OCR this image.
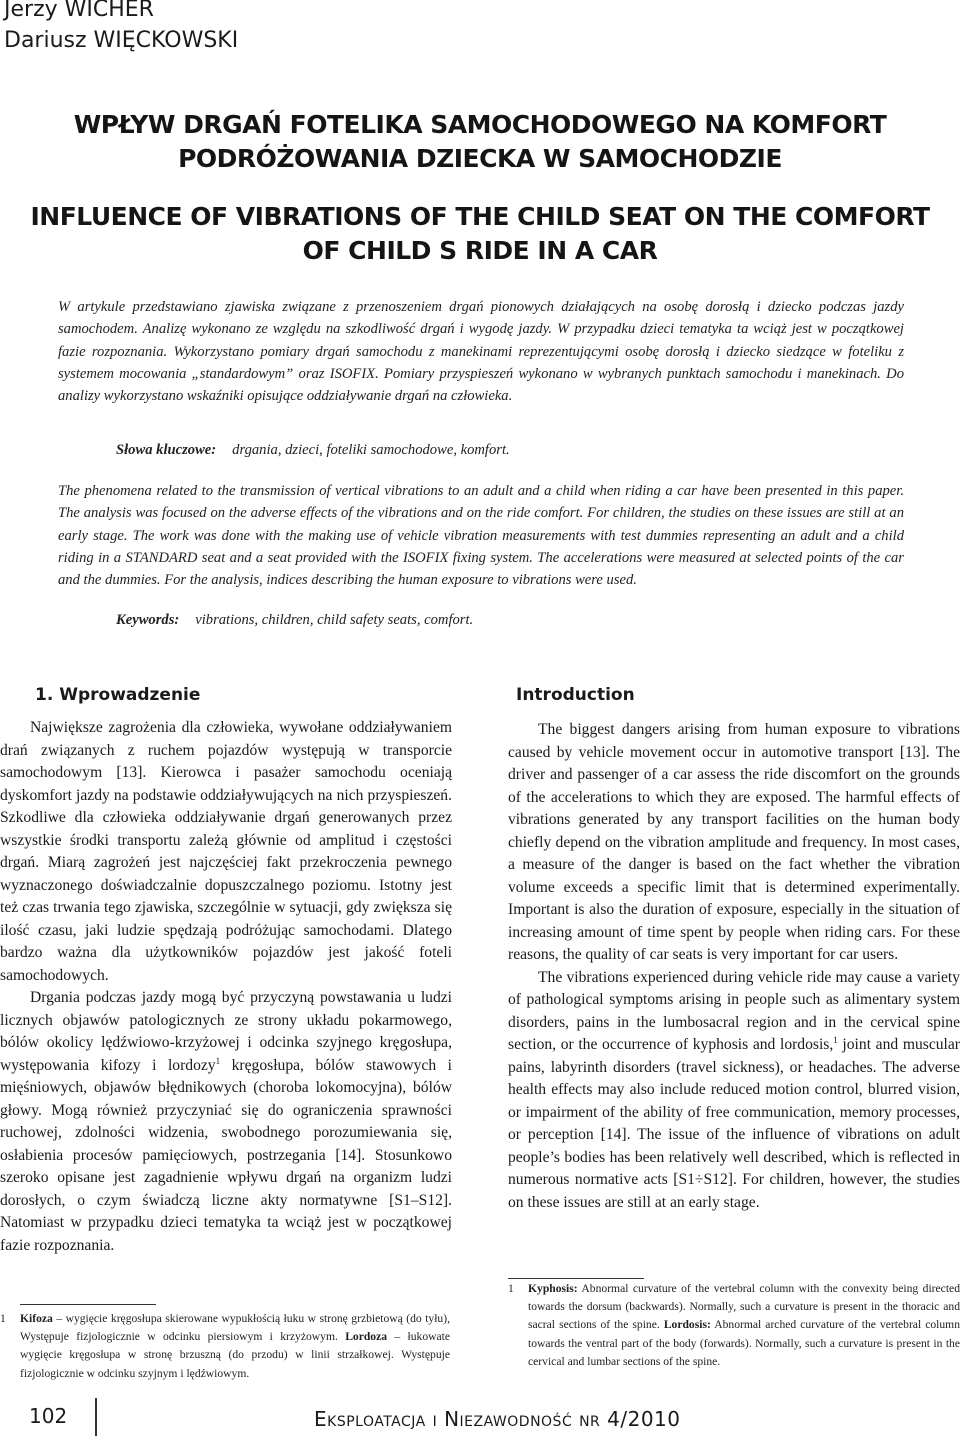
Jerzy WICHER
Dariusz WIĘCKOWSKI
WPŁYW DRGAŃ FOTELIKA SAMOCHODOWEGO NA KOMFORT
PODRÓŻOWANIA DZIECKA W SAMOCHODZIE
INFLUENCE OF VIBRATIONS OF THE CHILD SEAT ON THE COMFORT
OF CHILD S RIDE IN A CAR
W artykule przedstawiano zjawiska związane z przenoszeniem drgań pionowych działających na osobę dorosłą i dziecko podczas jazdy samochodem. Analizę wykonano ze względu na szkodliwość drgań i wygodę jazdy. W przypadku dzieci tematyka ta wciąż jest w początkowej fazie rozpoznania. Wykorzystano pomiary drgań samochodu z manekinami reprezentującymi osobę dorosłą i dziecko siedzące w foteliku z systemem mocowania „standardowym” oraz ISOFIX. Pomiary przyspieszeń wykonano w wybranych punktach samochodu i manekinach. Do analizy wykorzystano wskaźniki opisujące oddziaływanie drgań na człowieka.
Słowa kluczowe: drgania, dzieci, foteliki samochodowe, komfort.
The phenomena related to the transmission of vertical vibrations to an adult and a child when riding a car have been presented in this paper. The analysis was focused on the adverse effects of the vibrations and on the ride comfort. For children, the studies on these issues are still at an early stage. The work was done with the making use of vehicle vibration measurements with test dummies representing an adult and a child riding in a STANDARD seat and a seat provided with the ISOFIX fixing system. The accelerations were measured at selected points of the car and the dummies. For the analysis, indices describing the human exposure to vibrations were used.
Keywords: vibrations, children, child safety seats, comfort.
1. Wprowadzenie	Introduction

Największe zagrożenia dla człowieka, wywołane oddziaływaniem drań związanych z ruchem pojazdów występują w transporcie samochodowym [13]. Kierowca i pasażer samochodu oceniają dyskomfort jazdy na podstawie oddziaływujących na nich przyspieszeń. Szkodliwe dla człowieka oddziaływanie drgań generowanych przez wszystkie środki transportu zależą głównie od amplitud i częstości drgań. Miarą zagrożeń jest najczęściej fakt przekroczenia pewnego wyznaczonego doświadczalnie dopuszczalnego poziomu. Istotny jest też czas trwania tego zjawiska, szczególnie w sytuacji, gdy zwiększa się ilość czasu, jaki ludzie spędzają podróżując samochodami. Dlatego bardzo ważna dla użytkowników pojazdów jest jakość foteli samochodowych.

Drgania podczas jazdy mogą być przyczyną powstawania u ludzi licznych objawów patologicznych ze strony układu pokarmowego, bólów okolicy lędźwiowo-krzyżowej i odcinka szyjnego kręgosłupa, występowania kifozy i lordozy$^1$ kręgosłupa, bólów stawowych i mięśniowych, objawów błędnikowych (choroba lokomocyjna), bólów głowy. Mogą również przyczyniać się do ograniczenia sprawności ruchowej, zdolności widzenia, swobodnego porozumiewania się, osłabienia procesów pamięciowych, postrzegania [14]. Stosunkowo szeroko opisane jest zagadnienie wpływu drgań na organizm ludzi dorosłych, o czym świadczą liczne akty normatywne [S1–S12]. Natomiast w przypadku dzieci tematyka ta wciąż jest w początkowej fazie rozpoznania.

The biggest dangers arising from human exposure to vibrations caused by vehicle movement occur in automotive transport [13]. The driver and passenger of a car assess the ride discomfort on the grounds of the accelerations to which they are exposed. The harmful effects of vibrations generated by any transport facilities on the human body chiefly depend on the vibration amplitude and frequency. In most cases, a measure of the danger is based on the fact whether the vibration volume exceeds a specific limit that is determined experimentally. Important is also the duration of exposure, especially in the situation of increasing amount of time spent by people when riding cars. For these reasons, the quality of car seats is very important for car users.

The vibrations experienced during vehicle ride may cause a variety of pathological symptoms arising in people such as alimentary system disorders, pains in the lumbosacral region and in the cervical spine section, or the occurrence of kyphosis and lordosis,$^1$ joint and muscular pains, labyrinth disorders (travel sickness), or headaches. The adverse health effects may also include reduced motion control, blurred vision, or impairment of the ability of free communication, memory processes, or perception [14]. The issue of the influence of vibrations on adult people’s bodies has been relatively well described, which is reflected in numerous normative acts [S1÷S12]. For children, however, the studies on these issues are still at an early stage.

1	Kifoza – wygięcie kręgosłupa skierowane wypukłością łuku w stronę grzbietową (do tyłu), Występuje fizjologicznie w odcinku piersiowym i krzyżowym. Lordoza – łukowate wygięcie kręgosłupa w stronę brzuszną (do przodu) w linii strzałkowej. Występuje fizjologicznie w odcinku szyjnym i lędźwiowym.
1	Kyphosis: Abnormal curvature of the vertebral column with the convexity being directed towards the dorsum (backwards). Normally, such a curvature is present in the thoracic and sacral sections of the spine. Lordosis: Abnormal arched curvature of the vertebral column towards the ventral part of the body (forwards). Normally, such a curvature is present in the cervical and lumbar sections of the spine.
102	Eksploatacja i Niezawodność nr 4/2010
